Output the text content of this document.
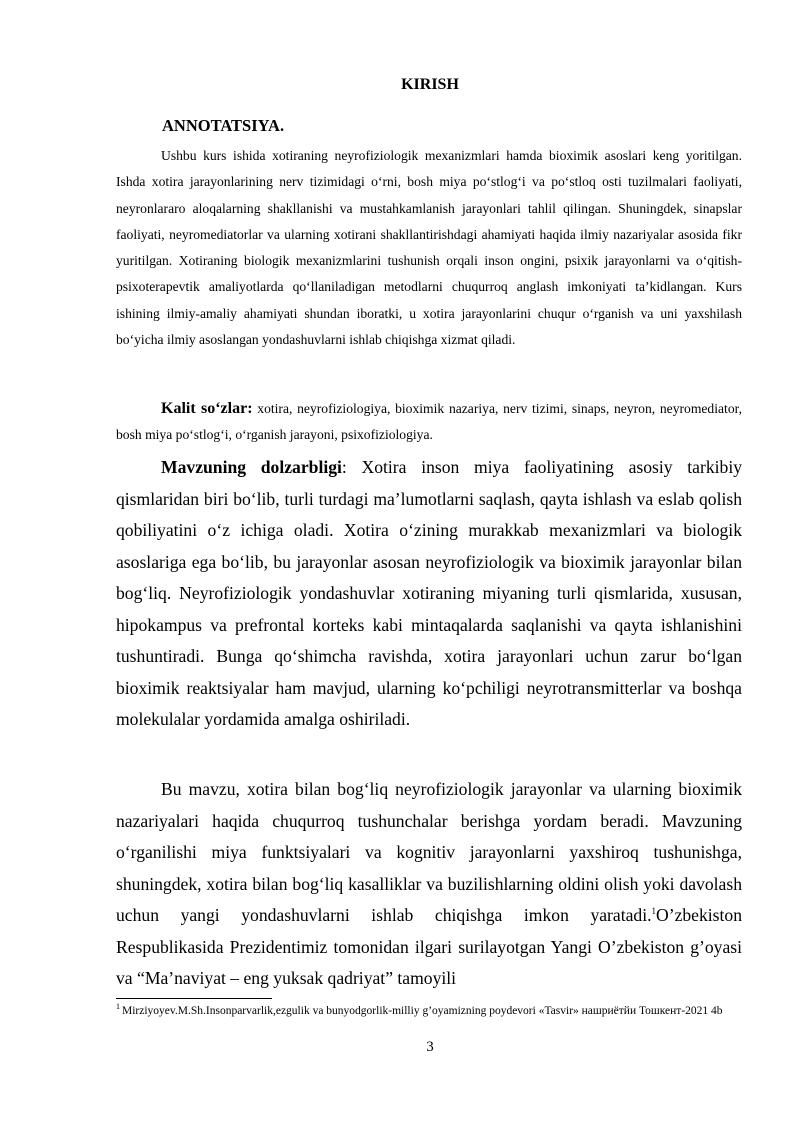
KIRISH
ANNOTATSIYA.

Ushbu kurs ishida xotiraning neyrofiziologik mexanizmlari hamda bioximik asoslari keng yoritilgan. Ishda xotira jarayonlarining nerv tizimidagi oʻrni, bosh miya poʻstlogʻi va poʻstloq osti tuzilmalari faoliyati, neyronlararo aloqalarning shakllanishi va mustahkamlanish jarayonlari tahlil qilingan. Shuningdek, sinapslar faoliyati, neyromediatorlar va ularning xotirani shakllantirishdagi ahamiyati haqida ilmiy nazariyalar asosida fikr yuritilgan. Xotiraning biologik mexanizmlarini tushunish orqali inson ongini, psixik jarayonlarni va oʻqitish-psixoterapevtik amaliyotlarda qoʻllaniladigan metodlarni chuqurroq anglash imkoniyati taʼkidlangan. Kurs ishining ilmiy-amaliy ahamiyati shundan iboratki, u xotira jarayonlarini chuqur oʻrganish va uni yaxshilash boʻyicha ilmiy asoslangan yondashuvlarni ishlab chiqishga xizmat qiladi.

Kalit soʻzlar: xotira, neyrofiziologiya, bioximik nazariya, nerv tizimi, sinaps, neyron, neyromediator, bosh miya poʻstlogʻi, oʻrganish jarayoni, psixofiziologiya.

Mavzuning dolzarbligi: Xotira inson miya faoliyatining asosiy tarkibiy qismlaridan biri boʻlib, turli turdagi maʼlumotlarni saqlash, qayta ishlash va eslab qolish qobiliyatini oʻz ichiga oladi. Xotira oʻzining murakkab mexanizmlari va biologik asoslariga ega boʻlib, bu jarayonlar asosan neyrofiziologik va bioximik jarayonlar bilan bogʻliq. Neyrofiziologik yondashuvlar xotiraning miyaning turli qismlarida, xususan, hipokampus va prefrontal korteks kabi mintaqalarda saqlanishi va qayta ishlanishini tushuntiradi. Bunga qoʻshimcha ravishda, xotira jarayonlari uchun zarur boʻlgan bioximik reaktsiyalar ham mavjud, ularning koʻpchiligi neyrotransmitterlar va boshqa molekulalar yordamida amalga oshiriladi.

Bu mavzu, xotira bilan bogʻliq neyrofiziologik jarayonlar va ularning bioximik nazariyalari haqida chuqurroq tushunchalar berishga yordam beradi. Mavzuning oʻrganilishi miya funktsiyalari va kognitiv jarayonlarni yaxshiroq tushunishga, shuningdek, xotira bilan bogʻliq kasalliklar va buzilishlarning oldini olish yoki davolash uchun yangi yondashuvlarni ishlab chiqishga imkon yaratadi.$^1$O’zbekiston Respublikasida Prezidentimiz tomonidan ilgari surilayotgan Yangi O’zbekiston g’oyasi va “Ma’naviyat – eng yuksak qadriyat” tamoyili

$^1$ Mirziyoyev.M.Sh.Insonparvarlik,ezgulik va bunyodgorlik-milliy g’oyamizning poydevori «Tasvir» нашриётйи Тошкент-2021 4b
3
